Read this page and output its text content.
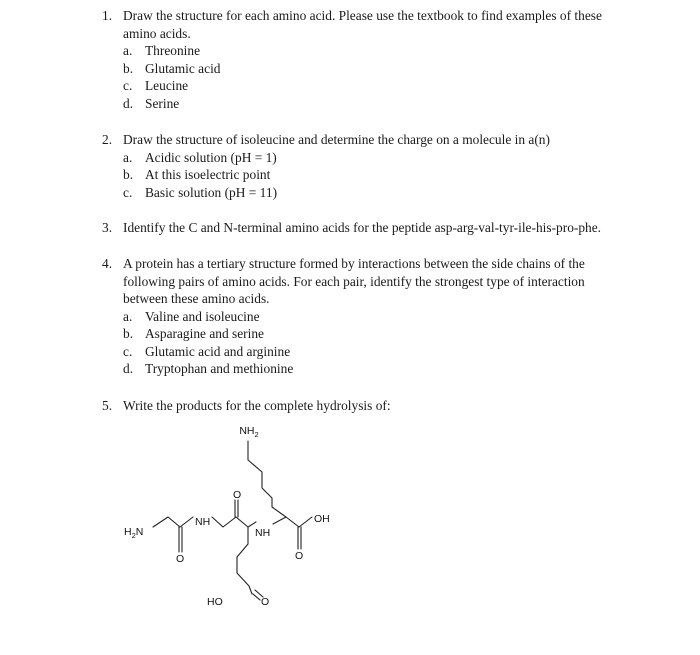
1. Draw the structure for each amino acid. Please use the textbook to find examples of these amino acids.
a. Threonine
b. Glutamic acid
c. Leucine
d. Serine
2. Draw the structure of isoleucine and determine the charge on a molecule in a(n)
a. Acidic solution (pH = 1)
b. At this isoelectric point
c. Basic solution (pH = 11)
3. Identify the C and N-terminal amino acids for the peptide asp-arg-val-tyr-ile-his-pro-phe.
4. A protein has a tertiary structure formed by interactions between the side chains of the following pairs of amino acids. For each pair, identify the strongest type of interaction between these amino acids.
a. Valine and isoleucine
b. Asparagine and serine
c. Glutamic acid and arginine
d. Tryptophan and methionine
5. Write the products for the complete hydrolysis of:
$NH_2$
$H_2N$
NH
NH
OH
HO
O
O
O
O
